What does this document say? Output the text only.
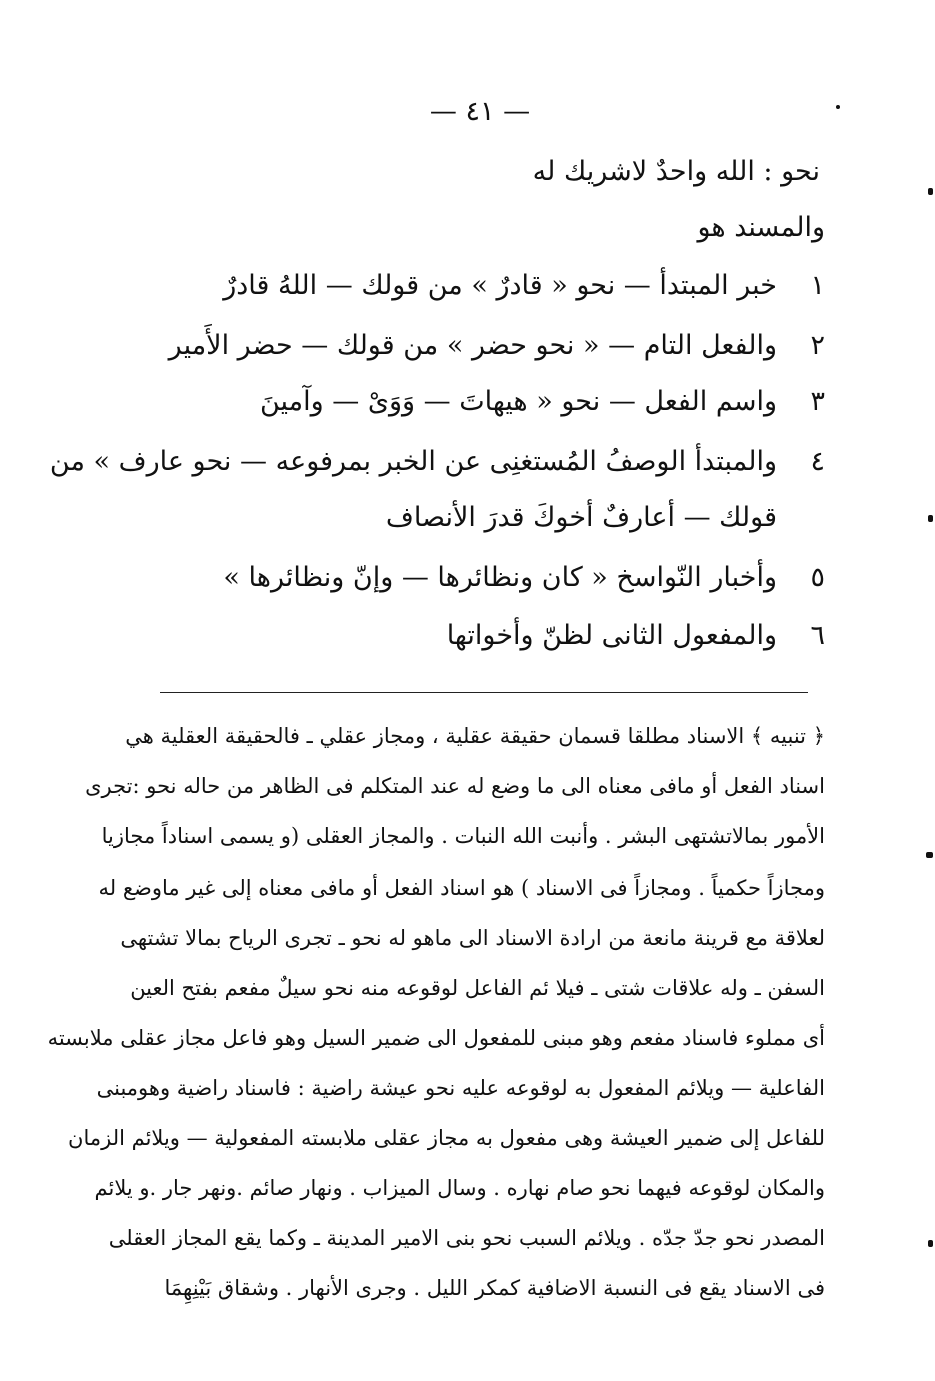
— ٤١ —
نحو : الله واحدٌ لاشريك له
والمسند هو
١
خبر المبتدأ — نحو « قادرٌ » من قولك — اللهُ قادرٌ
٢
والفعل التام — « نحو حضر » من قولك — حضر الأَمير
٣
واسم الفعل — نحو « هيهاتَ — وَوَىْ — وآمينَ
٤
والمبتدأ الوصفُ المُستغنِى عن الخبر بمرفوعه — نحو عارف » من
قولك — أعارفٌ أخوكَ قدرَ الأنصاف
٥
وأخبار النّواسخ « كان ونظائرها — وإنّ ونظائرها »
٦
والمفعول الثانى لظنّ وأخواتها
﴿ تنبيه ﴾ الاسناد مطلقا قسمان حقيقة عقلية ، ومجاز عقلي ـ فالحقيقة العقلية هي
اسناد الفعل أو مافى معناه الى ما وضع له عند المتكلم فى الظاهر من حاله نحو :تجرى
الأمور بمالاتشتهى البشر . وأنبت الله النبات . والمجاز العقلى (و يسمى اسناداً مجازيا
ومجازاً حكمياً . ومجازاً فى الاسناد ) هو اسناد الفعل أو مافى معناه إلى غير ماوضع له
لعلاقة مع قرينة مانعة من ارادة الاسناد الى ماهو له نحو ـ تجرى الرياح بمالا تشتهى
السفن ـ وله علاقات شتى ـ فيلا ئم الفاعل لوقوعه منه نحو سيلٌ مفعم بفتح العين
أى مملوء فاسناد مفعم وهو مبنى للمفعول الى ضمير السيل وهو فاعل مجاز عقلى ملابسته
الفاعلية — ويلائم المفعول به لوقوعه عليه نحو عيشة راضية : فاسناد راضية وهومبنى
للفاعل إلى ضمير العيشة وهى مفعول به مجاز عقلى ملابسته المفعولية — ويلائم الزمان
والمكان لوقوعه فيهما نحو صام نهاره . وسال الميزاب . ونهار صائم .ونهر جار .و يلائم
المصدر نحو جدّ جدّه . ويلائم السبب نحو بنى الامير المدينة ـ وكما يقع المجاز العقلى
فى الاسناد يقع فى النسبة الاضافية كمكر الليل . وجرى الأنهار . وشقاق بَيْنِهِمَا
